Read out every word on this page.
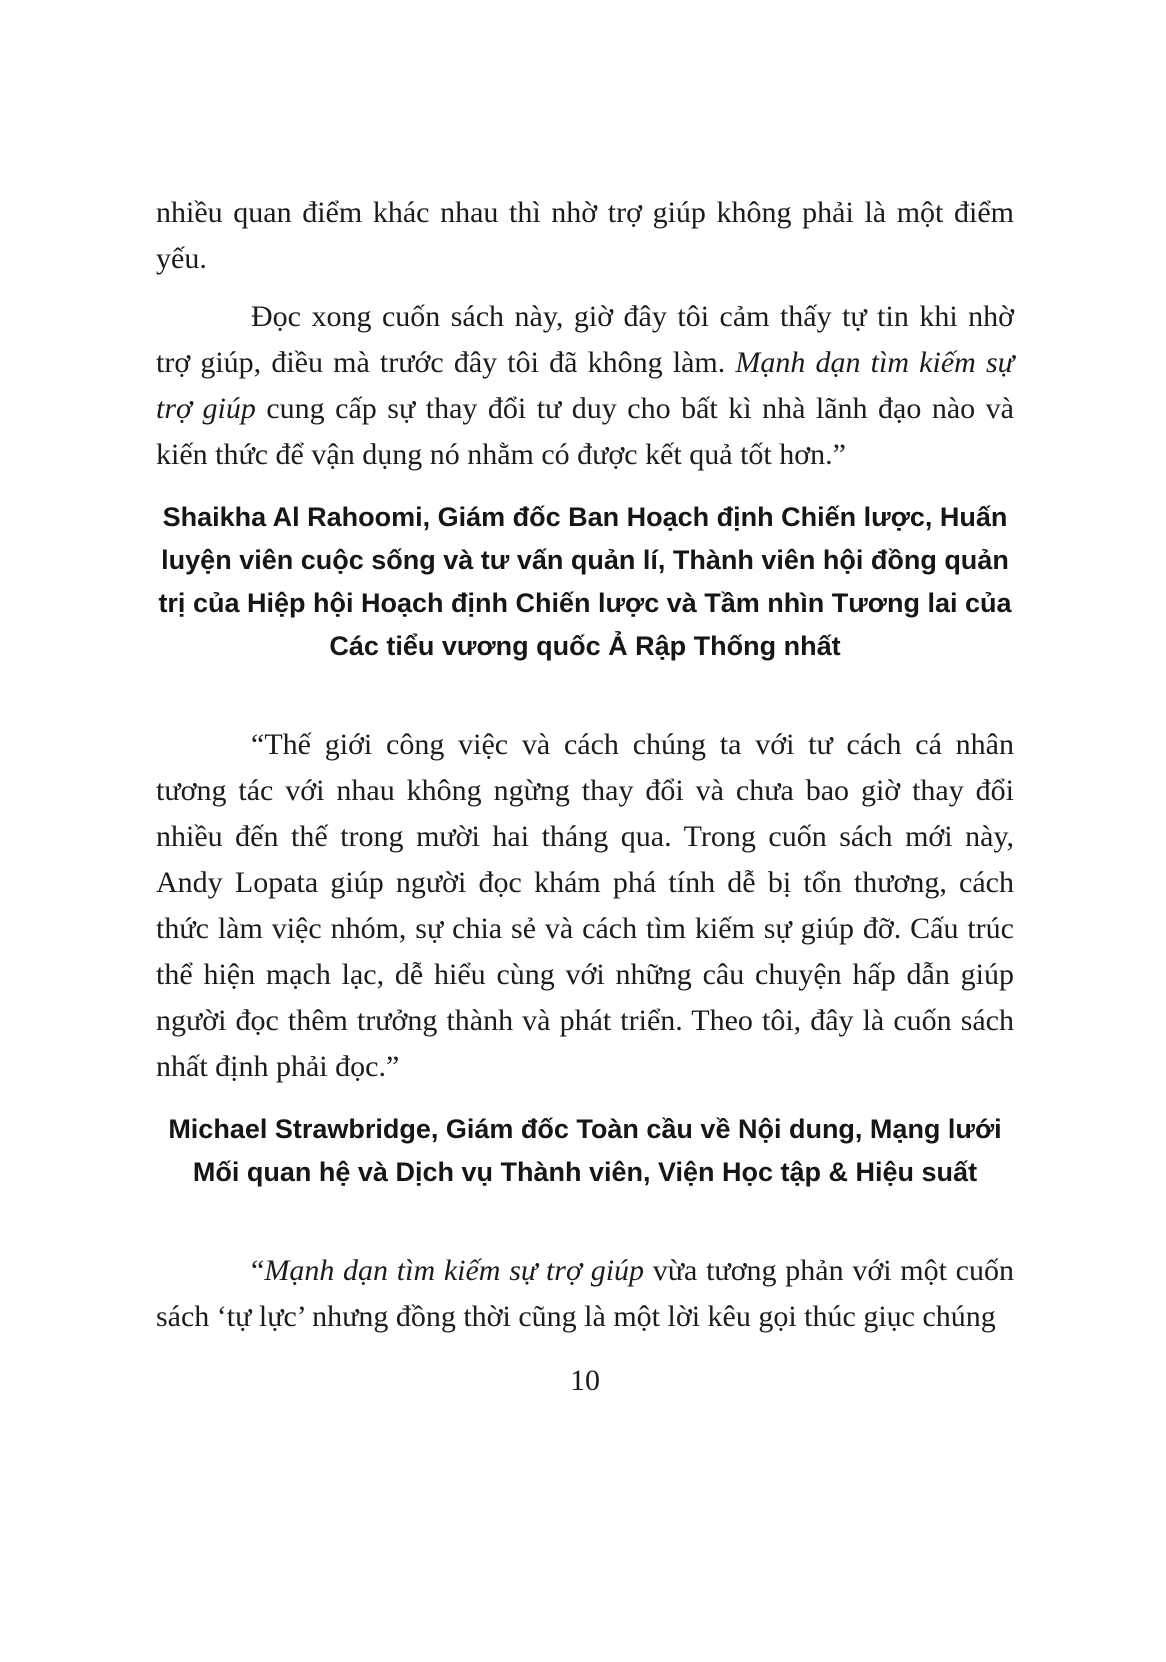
nhiều quan điểm khác nhau thì nhờ trợ giúp không phải là một điểm yếu.

Đọc xong cuốn sách này, giờ đây tôi cảm thấy tự tin khi nhờ trợ giúp, điều mà trước đây tôi đã không làm. Mạnh dạn tìm kiếm sự trợ giúp cung cấp sự thay đổi tư duy cho bất kì nhà lãnh đạo nào và kiến thức để vận dụng nó nhằm có được kết quả tốt hơn.”

Shaikha Al Rahoomi, Giám đốc Ban Hoạch định Chiến lược, Huấn luyện viên cuộc sống và tư vấn quản lí, Thành viên hội đồng quản trị của Hiệp hội Hoạch định Chiến lược và Tầm nhìn Tương lai của Các tiểu vương quốc Ả Rập Thống nhất

“Thế giới công việc và cách chúng ta với tư cách cá nhân tương tác với nhau không ngừng thay đổi và chưa bao giờ thay đổi nhiều đến thế trong mười hai tháng qua. Trong cuốn sách mới này, Andy Lopata giúp người đọc khám phá tính dễ bị tổn thương, cách thức làm việc nhóm, sự chia sẻ và cách tìm kiếm sự giúp đỡ. Cấu trúc thể hiện mạch lạc, dễ hiểu cùng với những câu chuyện hấp dẫn giúp người đọc thêm trưởng thành và phát triển. Theo tôi, đây là cuốn sách nhất định phải đọc.”

Michael Strawbridge, Giám đốc Toàn cầu về Nội dung, Mạng lưới Mối quan hệ và Dịch vụ Thành viên, Viện Học tập & Hiệu suất

“Mạnh dạn tìm kiếm sự trợ giúp vừa tương phản với một cuốn sách ‘tự lực’ nhưng đồng thời cũng là một lời kêu gọi thúc giục chúng

10
